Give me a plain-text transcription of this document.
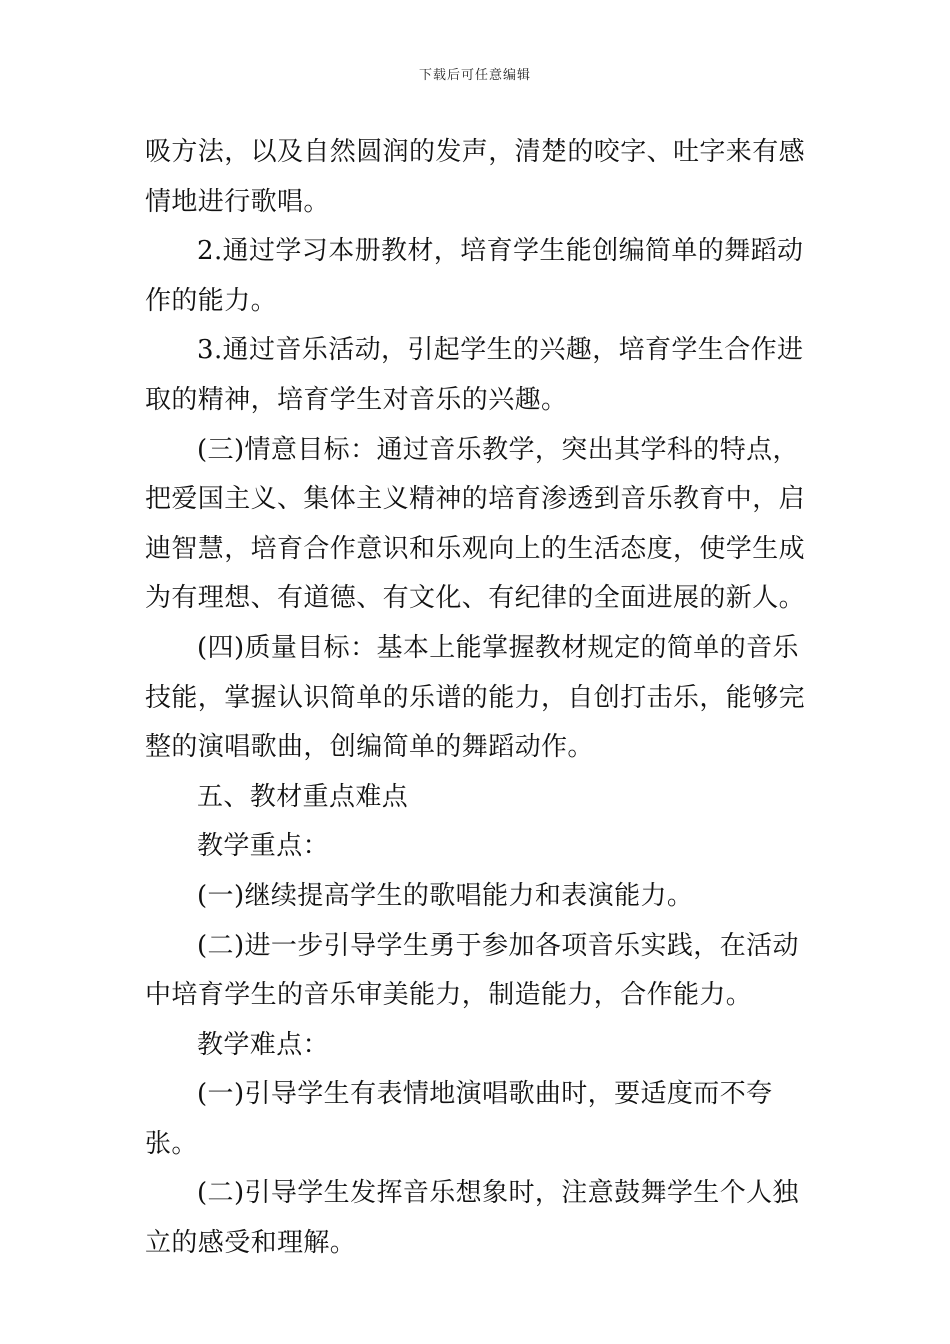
下载后可任意编辑

吸方法，以及自然圆润的发声，清楚的咬字、吐字来有感情地进行歌唱。

2.通过学习本册教材，培育学生能创编简单的舞蹈动作的能力。

3.通过音乐活动，引起学生的兴趣，培育学生合作进取的精神，培育学生对音乐的兴趣。

(三)情意目标：通过音乐教学，突出其学科的特点，把爱国主义、集体主义精神的培育渗透到音乐教育中，启迪智慧，培育合作意识和乐观向上的生活态度，使学生成为有理想、有道德、有文化、有纪律的全面进展的新人。

(四)质量目标：基本上能掌握教材规定的简单的音乐技能，掌握认识简单的乐谱的能力，自创打击乐，能够完整的演唱歌曲，创编简单的舞蹈动作。

五、教材重点难点

教学重点：

(一)继续提高学生的歌唱能力和表演能力。

(二)进一步引导学生勇于参加各项音乐实践，在活动中培育学生的音乐审美能力，制造能力，合作能力。

教学难点：

(一)引导学生有表情地演唱歌曲时，要适度而不夸张。

(二)引导学生发挥音乐想象时，注意鼓舞学生个人独立的感受和理解。
